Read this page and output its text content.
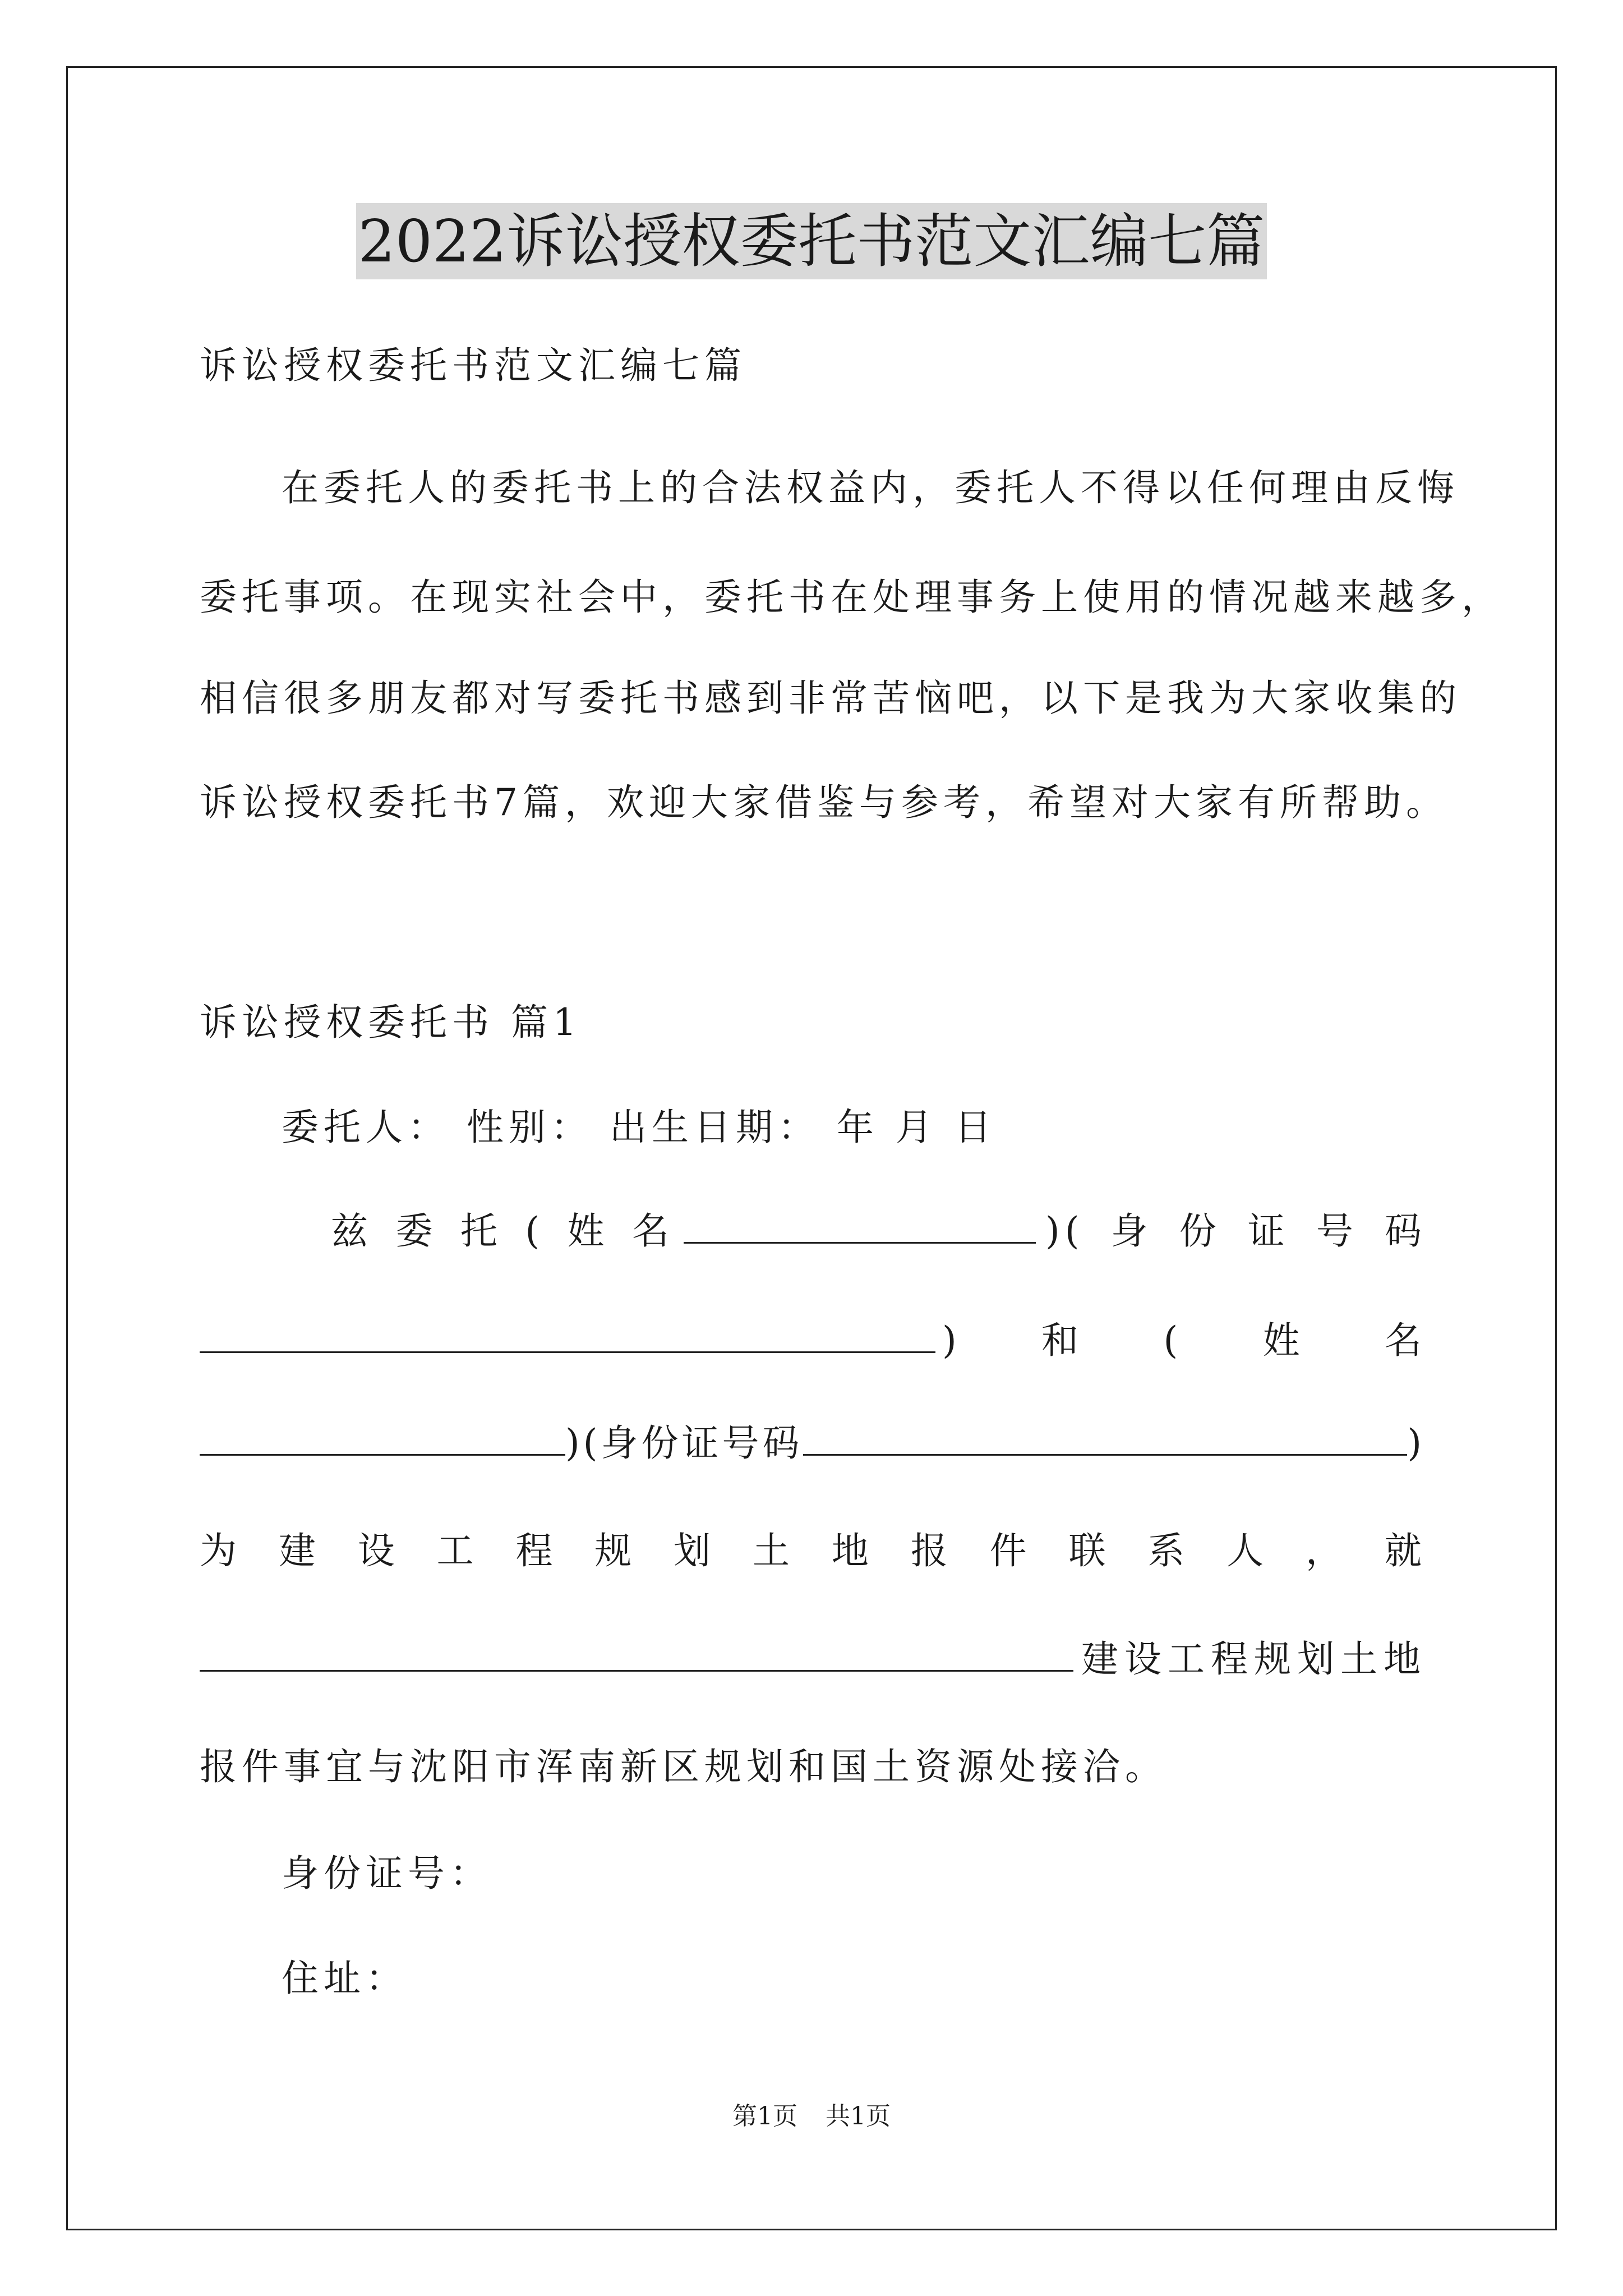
2022诉讼授权委托书范文汇编七篇
诉讼授权委托书范文汇编七篇
在委托人的委托书上的合法权益内，委托人不得以任何理由反悔
委托事项。在现实社会中，委托书在处理事务上使用的情况越来越多，
相信很多朋友都对写委托书感到非常苦恼吧，以下是我为大家收集的
诉讼授权委托书7篇，欢迎大家借鉴与参考，希望对大家有所帮助。
诉讼授权委托书 篇1
委托人： 性别： 出生日期： 年 月 日
兹 委 托 ( 姓 名	)( 身 份 证 号 码
) 和 ( 姓 名
)(身份证号码	)
为 建 设 工 程 规 划 土 地 报 件 联 系 人 ， 就
建设工程规划土地
报件事宜与沈阳市浑南新区规划和国土资源处接洽。
身份证号：
住址：
第1页 共1页
